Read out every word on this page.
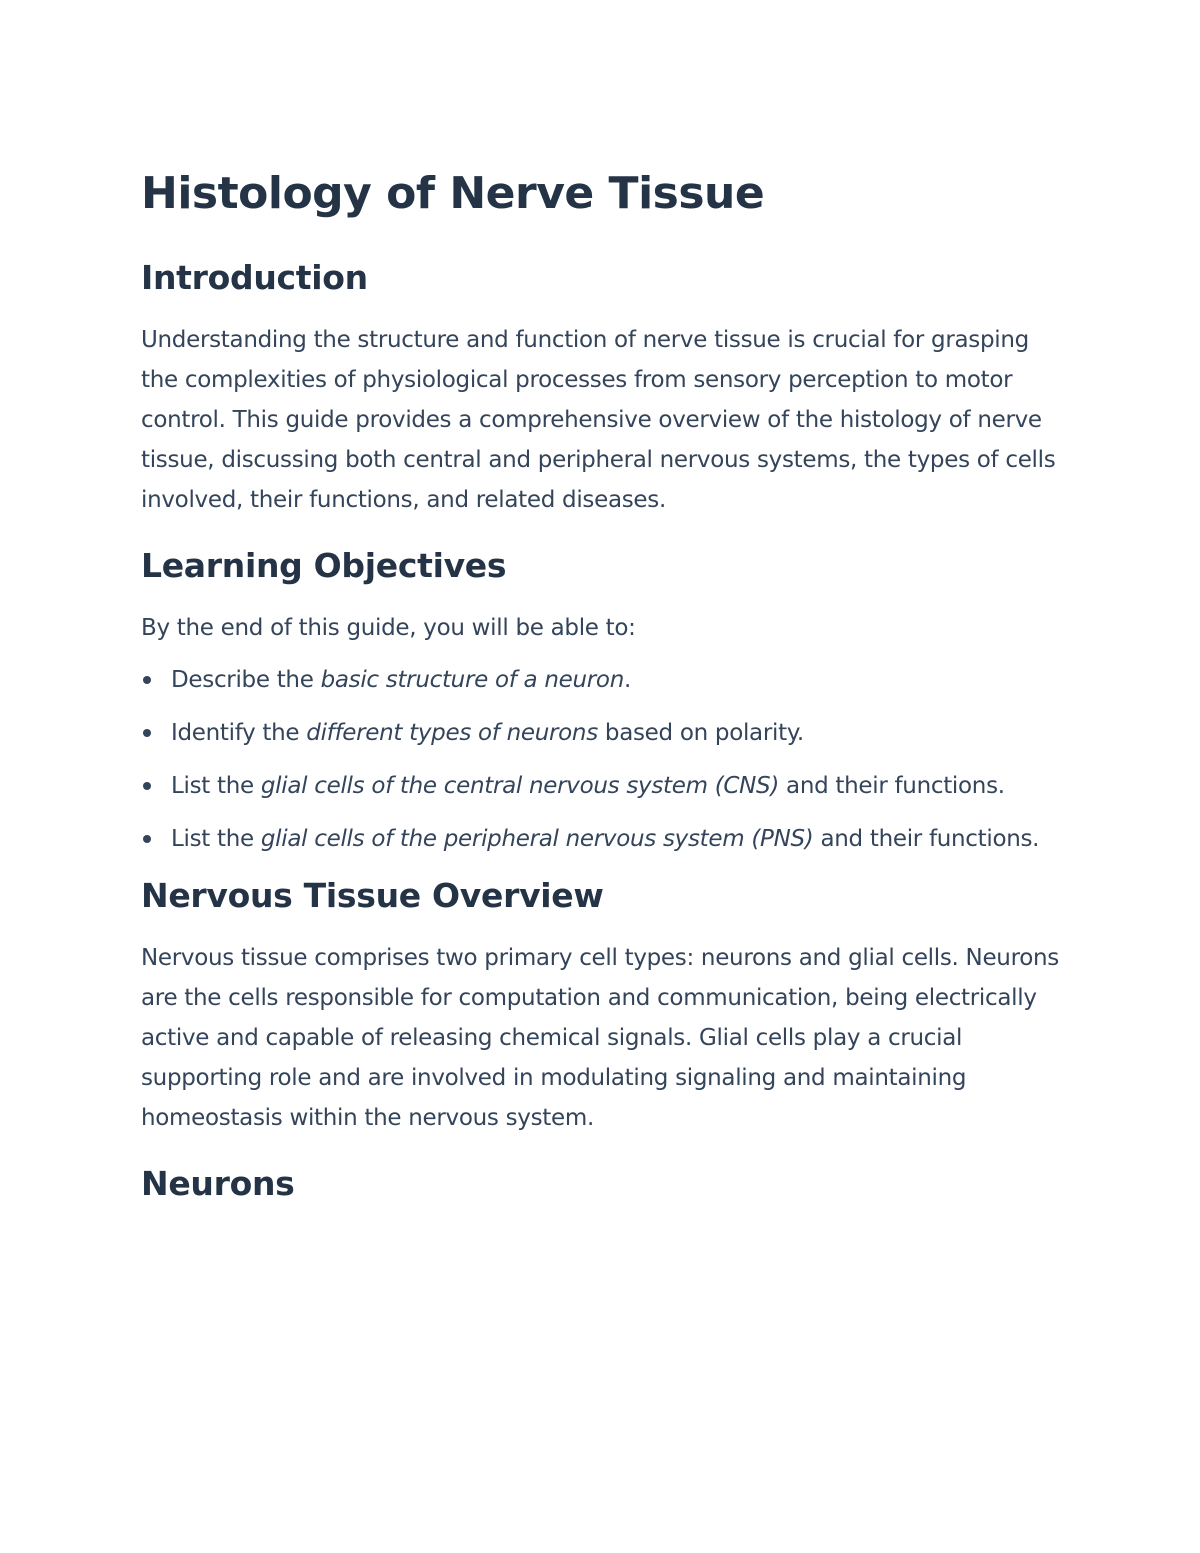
Histology of Nerve Tissue
Introduction

Understanding the structure and function of nerve tissue is crucial for grasping the complexities of physiological processes from sensory perception to motor control. This guide provides a comprehensive overview of the histology of nerve tissue, discussing both central and peripheral nervous systems, the types of cells involved, their functions, and related diseases.

Learning Objectives

By the end of this guide, you will be able to:

Describe the basic structure of a neuron.
Identify the different types of neurons based on polarity.
List the glial cells of the central nervous system (CNS) and their functions.
List the glial cells of the peripheral nervous system (PNS) and their functions.
Nervous Tissue Overview

Nervous tissue comprises two primary cell types: neurons and glial cells. Neurons are the cells responsible for computation and communication, being electrically active and capable of releasing chemical signals. Glial cells play a crucial supporting role and are involved in modulating signaling and maintaining homeostasis within the nervous system.

Neurons
